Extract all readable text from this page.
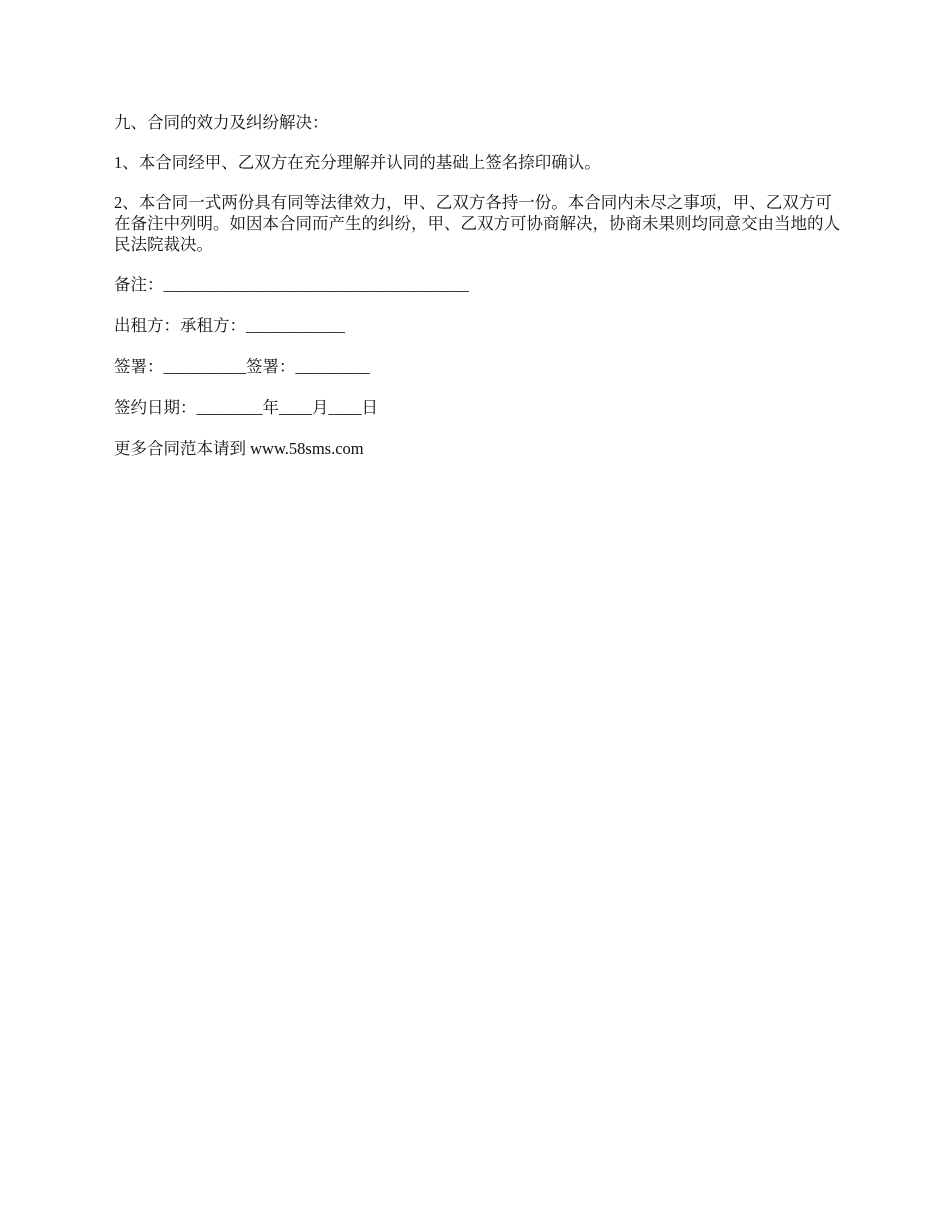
九、合同的效力及纠纷解决：

1、本合同经甲、乙双方在充分理解并认同的基础上签名捺印确认。

2、本合同一式两份具有同等法律效力，甲、乙双方各持一份。本合同内未尽之事项，甲、乙双方可在备注中列明。如因本合同而产生的纠纷，甲、乙双方可协商解决，协商未果则均同意交由当地的人民法院裁决。

备注：_____________________________________

出租方：承租方：____________

签署：__________签署：_________

签约日期：________年____月____日

更多合同范本请到 www.58sms.com
